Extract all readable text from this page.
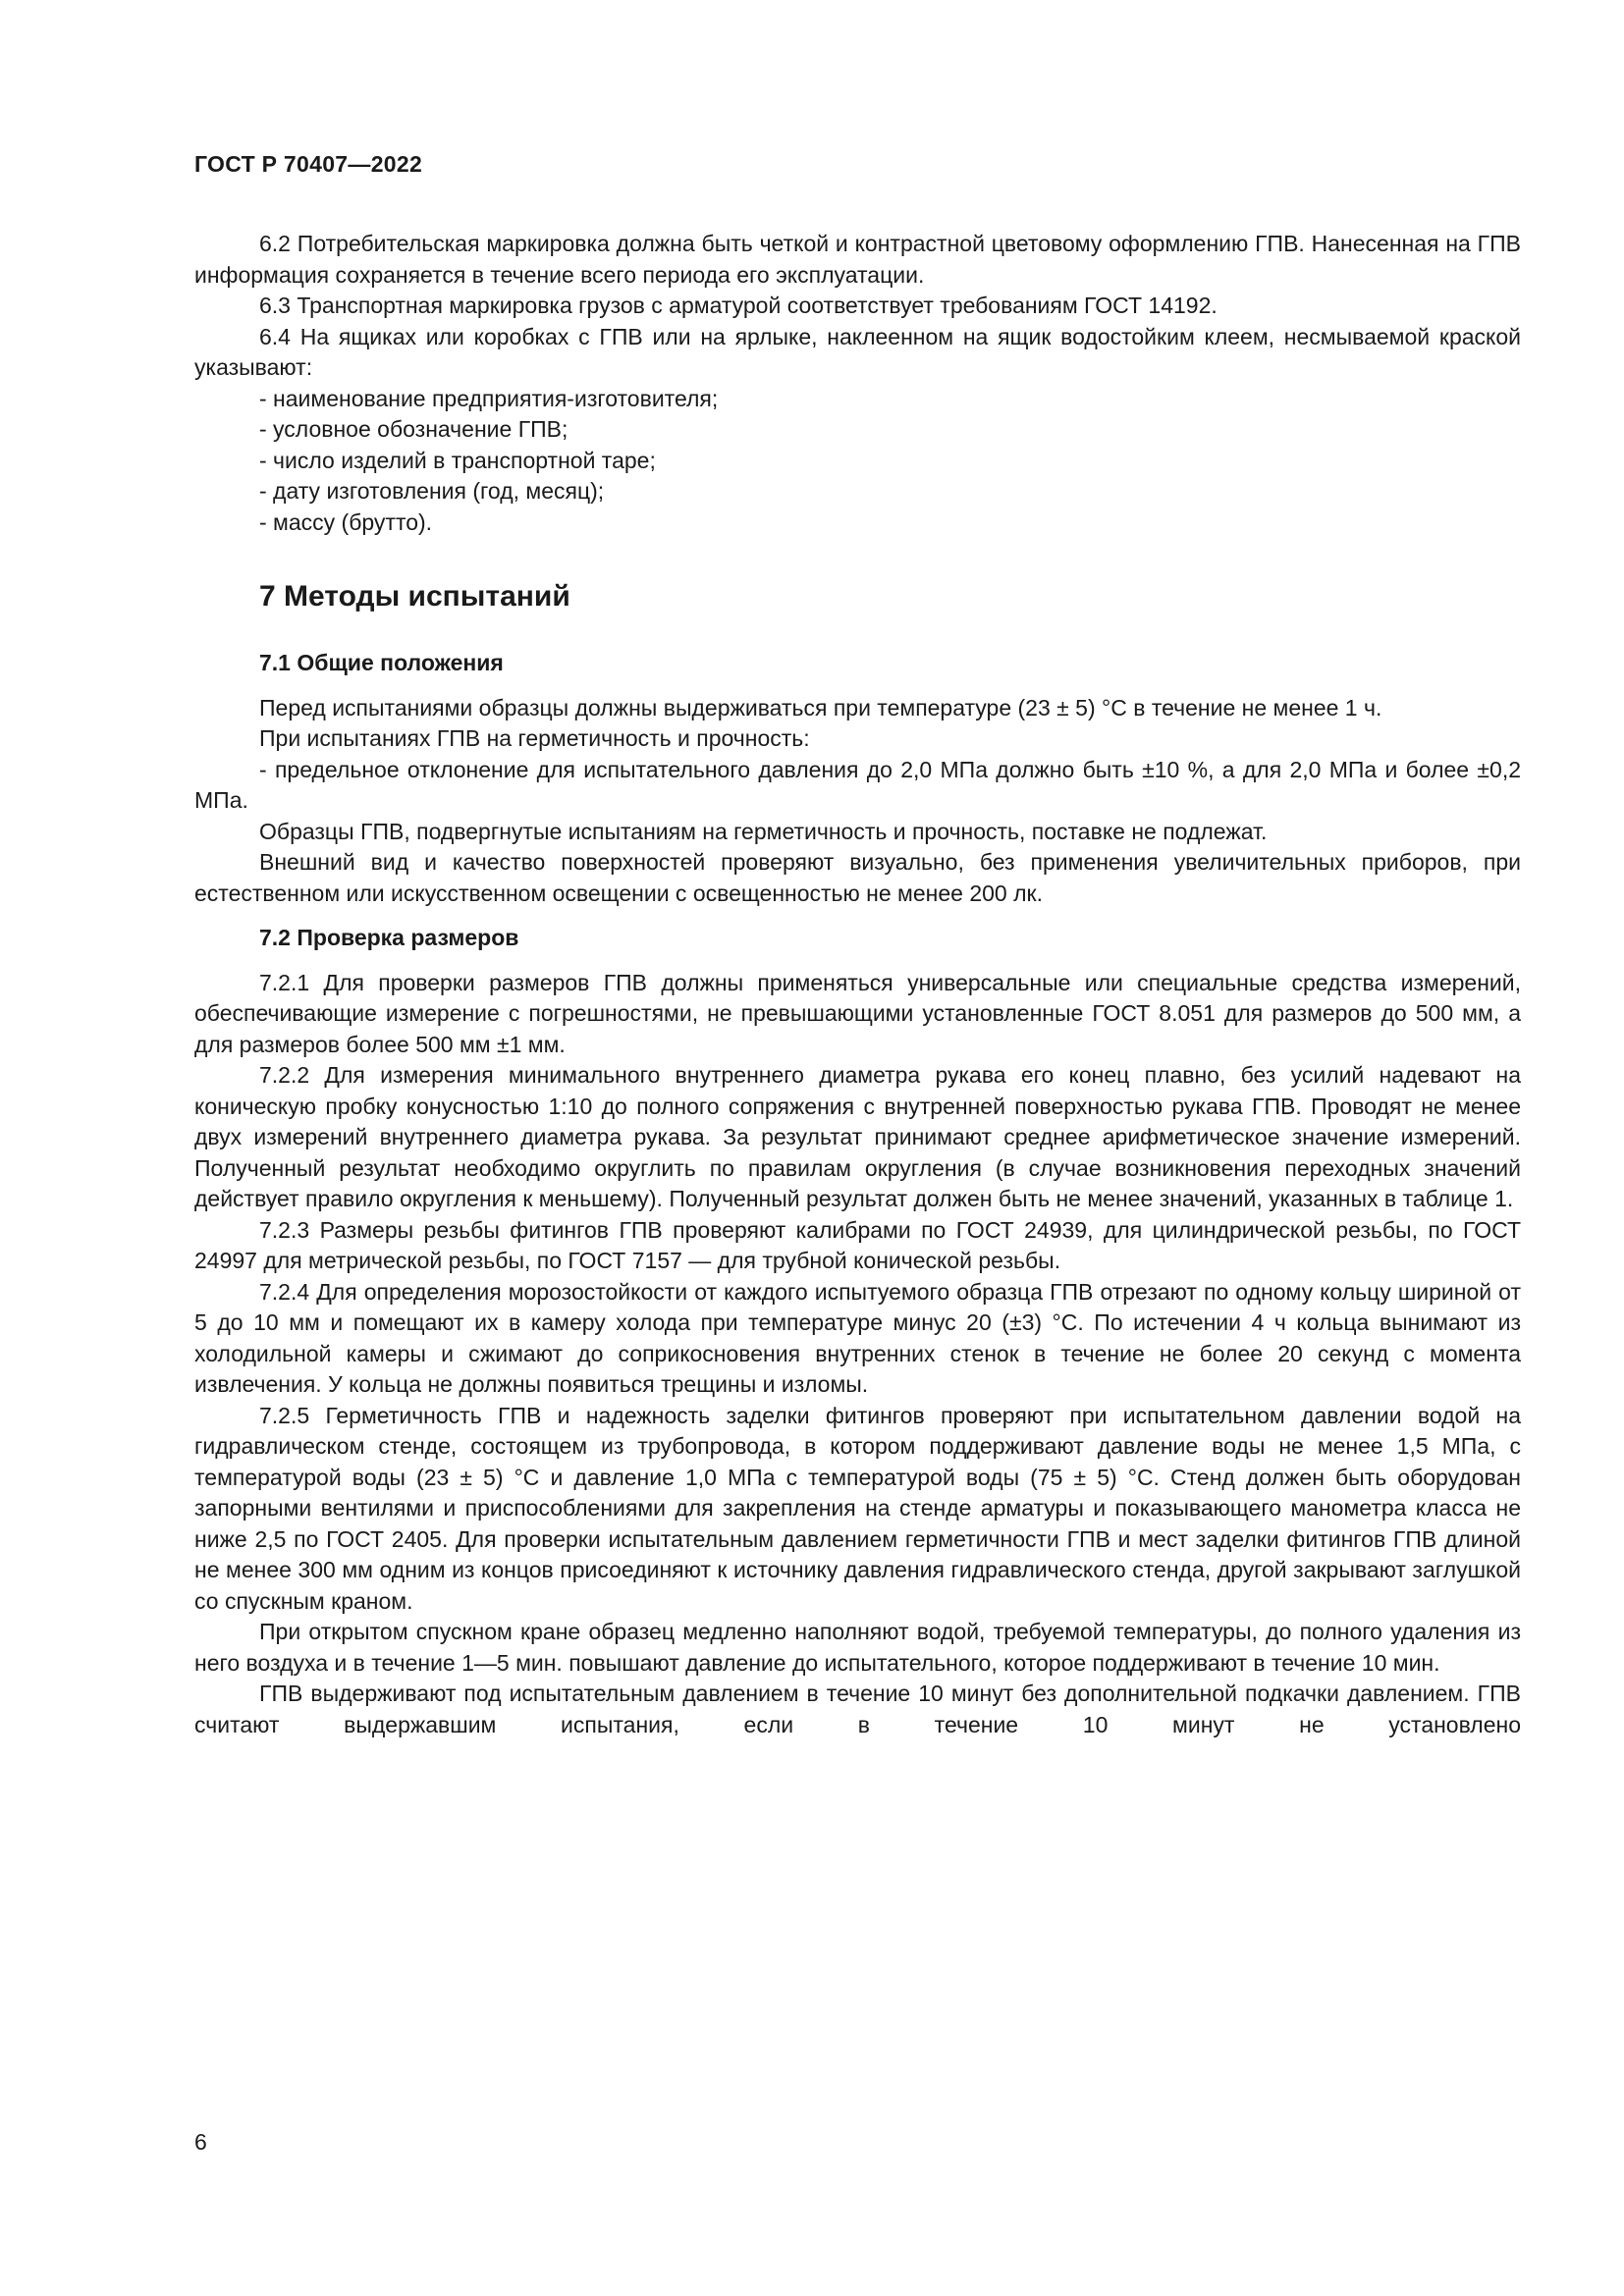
ГОСТ Р 70407—2022

6.2 Потребительская маркировка должна быть четкой и контрастной цветовому оформлению ГПВ. Нанесенная на ГПВ информация сохраняется в течение всего периода его эксплуатации.

6.3 Транспортная маркировка грузов с арматурой соответствует требованиям ГОСТ 14192.

6.4 На ящиках или коробках с ГПВ или на ярлыке, наклеенном на ящик водостойким клеем, несмываемой краской указывают:

- наименование предприятия-изготовителя;
- условное обозначение ГПВ;
- число изделий в транспортной таре;
- дату изготовления (год, месяц);
- массу (брутто).
7 Методы испытаний
7.1 Общие положения

Перед испытаниями образцы должны выдерживаться при температуре (23 ± 5) °С в течение не менее 1 ч.

При испытаниях ГПВ на герметичность и прочность:

- предельное отклонение для испытательного давления до 2,0 МПа должно быть ±10 %, а для 2,0 МПа и более ±0,2 МПа.

Образцы ГПВ, подвергнутые испытаниям на герметичность и прочность, поставке не подлежат.

Внешний вид и качество поверхностей проверяют визуально, без применения увеличительных приборов, при естественном или искусственном освещении с освещенностью не менее 200 лк.

7.2 Проверка размеров

7.2.1 Для проверки размеров ГПВ должны применяться универсальные или специальные средства измерений, обеспечивающие измерение с погрешностями, не превышающими установленные ГОСТ 8.051 для размеров до 500 мм, а для размеров более 500 мм ±1 мм.

7.2.2 Для измерения минимального внутреннего диаметра рукава его конец плавно, без усилий надевают на коническую пробку конусностью 1:10 до полного сопряжения с внутренней поверхностью рукава ГПВ. Проводят не менее двух измерений внутреннего диаметра рукава. За результат принимают среднее арифметическое значение измерений. Полученный результат необходимо округлить по правилам округления (в случае возникновения переходных значений действует правило округления к меньшему). Полученный результат должен быть не менее значений, указанных в таблице 1.

7.2.3 Размеры резьбы фитингов ГПВ проверяют калибрами по ГОСТ 24939, для цилиндрической резьбы, по ГОСТ 24997 для метрической резьбы, по ГОСТ 7157 — для трубной конической резьбы.

7.2.4 Для определения морозостойкости от каждого испытуемого образца ГПВ отрезают по одному кольцу шириной от 5 до 10 мм и помещают их в камеру холода при температуре минус 20 (±3) °С. По истечении 4 ч кольца вынимают из холодильной камеры и сжимают до соприкосновения внутренних стенок в течение не более 20 секунд с момента извлечения. У кольца не должны появиться трещины и изломы.

7.2.5 Герметичность ГПВ и надежность заделки фитингов проверяют при испытательном давлении водой на гидравлическом стенде, состоящем из трубопровода, в котором поддерживают давление воды не менее 1,5 МПа, с температурой воды (23 ± 5) °С и давление 1,0 МПа с температурой воды (75 ± 5) °С. Стенд должен быть оборудован запорными вентилями и приспособлениями для закрепления на стенде арматуры и показывающего манометра класса не ниже 2,5 по ГОСТ 2405. Для проверки испытательным давлением герметичности ГПВ и мест заделки фитингов ГПВ длиной не менее 300 мм одним из концов присоединяют к источнику давления гидравлического стенда, другой закрывают заглушкой со спускным краном.

При открытом спускном кране образец медленно наполняют водой, требуемой температуры, до полного удаления из него воздуха и в течение 1—5 мин. повышают давление до испытательного, которое поддерживают в течение 10 мин.

ГПВ выдерживают под испытательным давлением в течение 10 минут без дополнительной подкачки давлением. ГПВ считают выдержавшим испытания, если в течение 10 минут не установлено

6
